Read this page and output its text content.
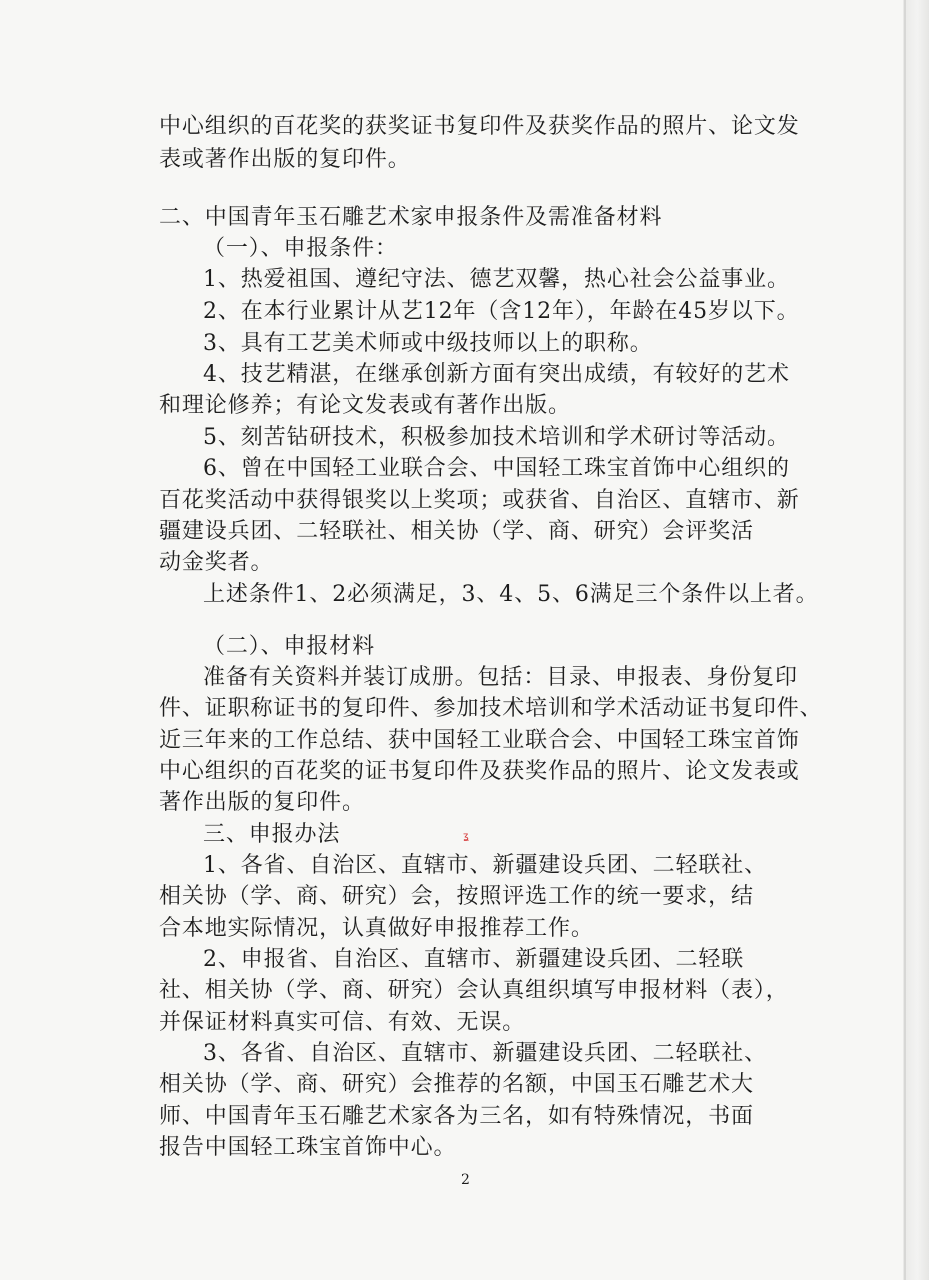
ʓ
中心组织的百花奖的获奖证书复印件及获奖作品的照片、论文发
表或著作出版的复印件。
二、中国青年玉石雕艺术家申报条件及需准备材料
（一）、申报条件：
1、热爱祖国、遵纪守法、德艺双馨，热心社会公益事业。
2、在本行业累计从艺12年（含12年），年龄在45岁以下。
3、具有工艺美术师或中级技师以上的职称。
4、技艺精湛，在继承创新方面有突出成绩，有较好的艺术
和理论修养；有论文发表或有著作出版。
5、刻苦钻研技术，积极参加技术培训和学术研讨等活动。
6、曾在中国轻工业联合会、中国轻工珠宝首饰中心组织的
百花奖活动中获得银奖以上奖项；或获省、自治区、直辖市、新
疆建设兵团、二轻联社、相关协（学、商、研究）会评奖活
动金奖者。
上述条件1、2必须满足，3、4、5、6满足三个条件以上者。
（二）、申报材料
准备有关资料并装订成册。包括：目录、申报表、身份复印
件、证职称证书的复印件、参加技术培训和学术活动证书复印件、
近三年来的工作总结、获中国轻工业联合会、中国轻工珠宝首饰
中心组织的百花奖的证书复印件及获奖作品的照片、论文发表或
著作出版的复印件。
三、申报办法
1、各省、自治区、直辖市、新疆建设兵团、二轻联社、
相关协（学、商、研究）会，按照评选工作的统一要求，结
合本地实际情况，认真做好申报推荐工作。
2、申报省、自治区、直辖市、新疆建设兵团、二轻联
社、相关协（学、商、研究）会认真组织填写申报材料（表），
并保证材料真实可信、有效、无误。
3、各省、自治区、直辖市、新疆建设兵团、二轻联社、
相关协（学、商、研究）会推荐的名额，中国玉石雕艺术大
师、中国青年玉石雕艺术家各为三名，如有特殊情况，书面
报告中国轻工珠宝首饰中心。
2
